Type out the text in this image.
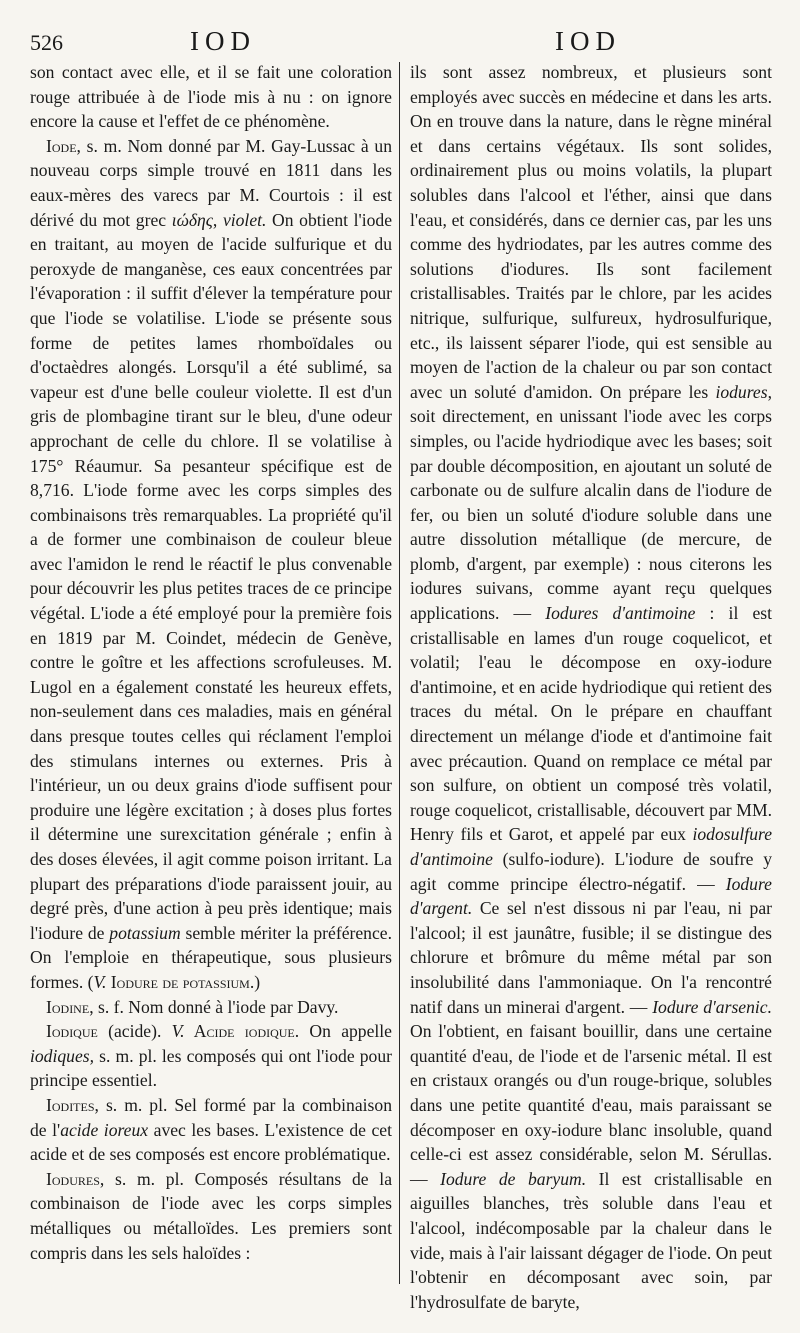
526	IOD	IOD

son contact avec elle, et il se fait une coloration rouge attribuée à de l'iode mis à nu : on ignore encore la cause et l'effet de ce phénomène.

Iode, s. m. Nom donné par M. Gay-Lussac à un nouveau corps simple trouvé en 1811 dans les eaux-mères des varecs par M. Courtois : il est dérivé du mot grec ιώδης, violet. On obtient l'iode en traitant, au moyen de l'acide sulfurique et du peroxyde de manganèse, ces eaux concentrées par l'évaporation : il suffit d'élever la température pour que l'iode se volatilise. L'iode se présente sous forme de petites lames rhomboïdales ou d'octaèdres alongés. Lorsqu'il a été sublimé, sa vapeur est d'une belle couleur violette. Il est d'un gris de plombagine tirant sur le bleu, d'une odeur approchant de celle du chlore. Il se volatilise à 175° Réaumur. Sa pesanteur spécifique est de 8,716. L'iode forme avec les corps simples des combinaisons très remarquables. La propriété qu'il a de former une combinaison de couleur bleue avec l'amidon le rend le réactif le plus convenable pour découvrir les plus petites traces de ce principe végétal. L'iode a été employé pour la première fois en 1819 par M. Coindet, médecin de Genève, contre le goître et les affections scrofuleuses. M. Lugol en a également constaté les heureux effets, non-seulement dans ces maladies, mais en général dans presque toutes celles qui réclament l'emploi des stimulans internes ou externes. Pris à l'intérieur, un ou deux grains d'iode suffisent pour produire une légère excitation ; à doses plus fortes il détermine une surexcitation générale ; enfin à des doses élevées, il agit comme poison irritant. La plupart des préparations d'iode paraissent jouir, au degré près, d'une action à peu près identique; mais l'iodure de potassium semble mériter la préférence. On l'emploie en thérapeutique, sous plusieurs formes. (V. Iodure de potassium.)

Iodine, s. f. Nom donné à l'iode par Davy.

Iodique (acide). V. Acide iodique. On appelle iodiques, s. m. pl. les composés qui ont l'iode pour principe essentiel.

Iodites, s. m. pl. Sel formé par la combinaison de l'acide ioreux avec les bases. L'existence de cet acide et de ses composés est encore problématique.

Iodures, s. m. pl. Composés résultans de la combinaison de l'iode avec les corps simples métalliques ou métalloïdes. Les premiers sont compris dans les sels haloïdes :

ils sont assez nombreux, et plusieurs sont employés avec succès en médecine et dans les arts. On en trouve dans la nature, dans le règne minéral et dans certains végétaux. Ils sont solides, ordinairement plus ou moins volatils, la plupart solubles dans l'alcool et l'éther, ainsi que dans l'eau, et considérés, dans ce dernier cas, par les uns comme des hydriodates, par les autres comme des solutions d'iodures. Ils sont facilement cristallisables. Traités par le chlore, par les acides nitrique, sulfurique, sulfureux, hydrosulfurique, etc., ils laissent séparer l'iode, qui est sensible au moyen de l'action de la chaleur ou par son contact avec un soluté d'amidon. On prépare les iodures, soit directement, en unissant l'iode avec les corps simples, ou l'acide hydriodique avec les bases; soit par double décomposition, en ajoutant un soluté de carbonate ou de sulfure alcalin dans de l'iodure de fer, ou bien un soluté d'iodure soluble dans une autre dissolution métallique (de mercure, de plomb, d'argent, par exemple) : nous citerons les iodures suivans, comme ayant reçu quelques applications. — Iodures d'antimoine : il est cristallisable en lames d'un rouge coquelicot, et volatil; l'eau le décompose en oxy-iodure d'antimoine, et en acide hydriodique qui retient des traces du métal. On le prépare en chauffant directement un mélange d'iode et d'antimoine fait avec précaution. Quand on remplace ce métal par son sulfure, on obtient un composé très volatil, rouge coquelicot, cristallisable, découvert par MM. Henry fils et Garot, et appelé par eux iodosulfure d'antimoine (sulfo-iodure). L'iodure de soufre y agit comme principe électro-négatif. — Iodure d'argent. Ce sel n'est dissous ni par l'eau, ni par l'alcool; il est jaunâtre, fusible; il se distingue des chlorure et brômure du même métal par son insolubilité dans l'ammoniaque. On l'a rencontré natif dans un minerai d'argent. — Iodure d'arsenic. On l'obtient, en faisant bouillir, dans une certaine quantité d'eau, de l'iode et de l'arsenic métal. Il est en cristaux orangés ou d'un rouge-brique, solubles dans une petite quantité d'eau, mais paraissant se décomposer en oxy-iodure blanc insoluble, quand celle-ci est assez considérable, selon M. Sérullas. — Iodure de baryum. Il est cristallisable en aiguilles blanches, très soluble dans l'eau et l'alcool, indécomposable par la chaleur dans le vide, mais à l'air laissant dégager de l'iode. On peut l'obtenir en décomposant avec soin, par l'hydrosulfate de baryte,
